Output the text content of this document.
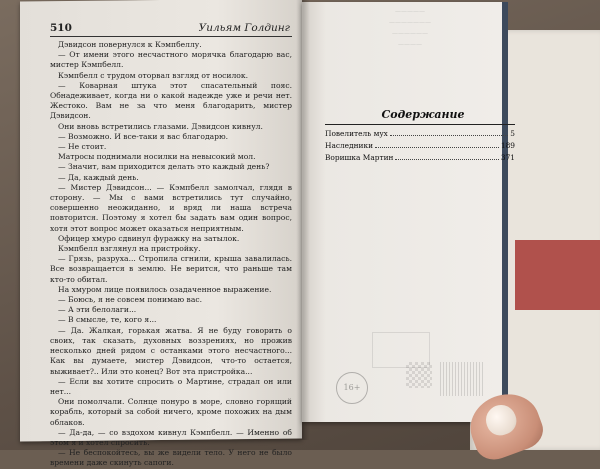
510	Уильям Голдинг

Дэвидсон повернулся к Кэмпбеллу.

— От имени этого несчастного морячка благодарю вас, мистер Кэмпбелл.

Кэмпбелл с трудом оторвал взгляд от носилок.

— Коварная штука этот спасательный пояс. Обнадеживает, когда ни о какой надежде уже и речи нет. Жестоко. Вам не за что меня благодарить, мистер Дэвидсон.

Они вновь встретились глазами. Дэвидсон кивнул.

— Возможно. И все-таки я вас благодарю.

— Не стоит.

Матросы поднимали носилки на невысокий мол.

— Значит, вам приходится делать это каждый день?

— Да, каждый день.

— Мистер Дэвидсон... — Кэмпбелл замолчал, глядя в сторону. — Мы с вами встретились тут случайно, совершенно неожиданно, и вряд ли наша встреча повторится. Поэтому я хотел бы задать вам один вопрос, хотя этот вопрос может оказаться неприятным.

Офицер хмуро сдвинул фуражку на затылок.

Кэмпбелл взглянул на пристройку.

— Грязь, разруха... Стропила сгнили, крыша завалилась. Все возвращается в землю. Не верится, что раньше там кто-то обитал.

На хмуром лице появилось озадаченное выражение.

— Боюсь, я не совсем понимаю вас.

— А эти белолаги...

— В смысле, те, кого я...

— Да. Жалкая, горькая жатва. Я не буду говорить о своих, так сказать, духовных воззрениях, но прожив несколько дней рядом с останками этого несчастного... Как вы думаете, мистер Дэвидсон, что-то остается, выживает?.. Или это конец? Вот эта пристройка...

— Если вы хотите спросить о Мартине, страдал он или нет...

Они помолчали. Солнце понуро в море, словно горящий корабль, который за собой ничего, кроме похожих на дым облаков.

— Да-да, — со вздохом кивнул Кэмпбелл. — Именно об этом я и хотел спросить.

— Не беспокойтесь, вы же видели тело. У него не было времени даже скинуть сапоги.

—————
———————
——————
————
Содержание
Повелитель мух	5
Наследники	189
Воришка Мартин	371
16+
